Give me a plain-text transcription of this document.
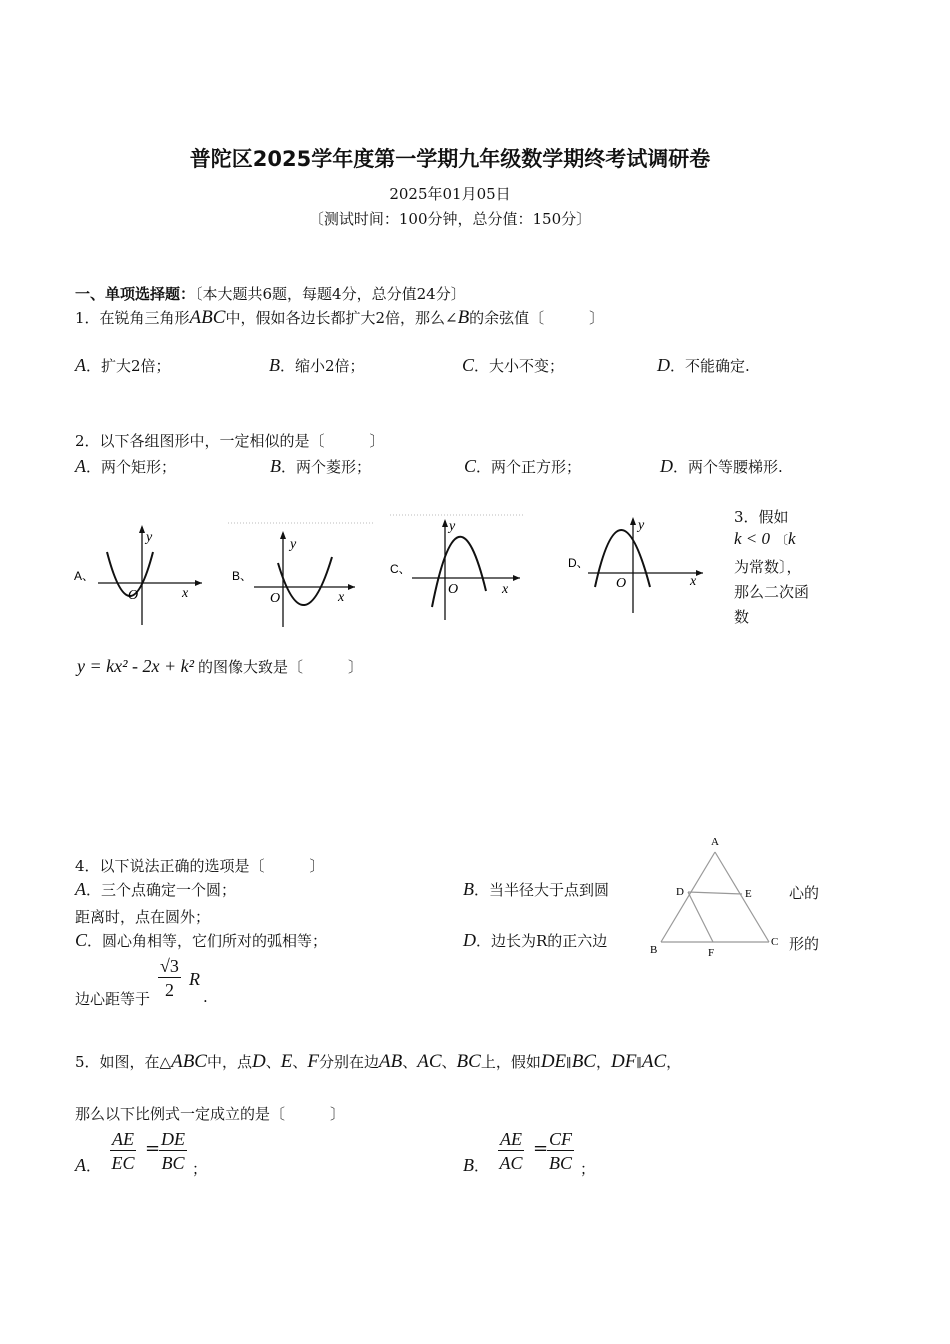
普陀区2025学年度第一学期九年级数学期终考试调研卷
2025年01月05日
〔测试时间：100分钟，总分值：150分〕
一、单项选择题：〔本大题共6题，每题4分，总分值24分〕
1．在锐角三角形ABC中，假如各边长都扩大2倍，那么∠B的余弦值〔　　　〕
A．扩大2倍；	B．缩小2倍；	C．大小不变；	D．不能确定.
2．以下各组图形中，一定相似的是〔　　　〕
A．两个矩形；	B．两个菱形；	C．两个正方形；	D．两个等腰梯形.
A、
x
y
O
B、
x
y
O
C、
x
y
O
D、
x
y
O
3．假如
k < 0 〔k
为常数〕，
那么二次函
数
y = kx² - 2x + k² 的图像大致是〔　　　〕
4．以下说法正确的选项是〔　　　〕
A．三个点确定一个圆；	B．当半径大于点到圆	心的
距离时，点在圆外；
C．圆心角相等，它们所对的弧相等；	D．边长为R的正六边	形的
边心距等于 $\frac{√3}{2}$ R
.
A
D	E
B	F
C
5．如图，在△ABC中，点D、E、F分别在边AB、AC、BC上，假如DE∥BC，DF∥AC，
那么以下比例式一定成立的是〔　　　〕
A． $\frac{AE}{EC}$ =
$\frac{DE}{BC}$ ；	B． $\frac{AE}{AC}$ =
$\frac{CF}{BC}$ ；
